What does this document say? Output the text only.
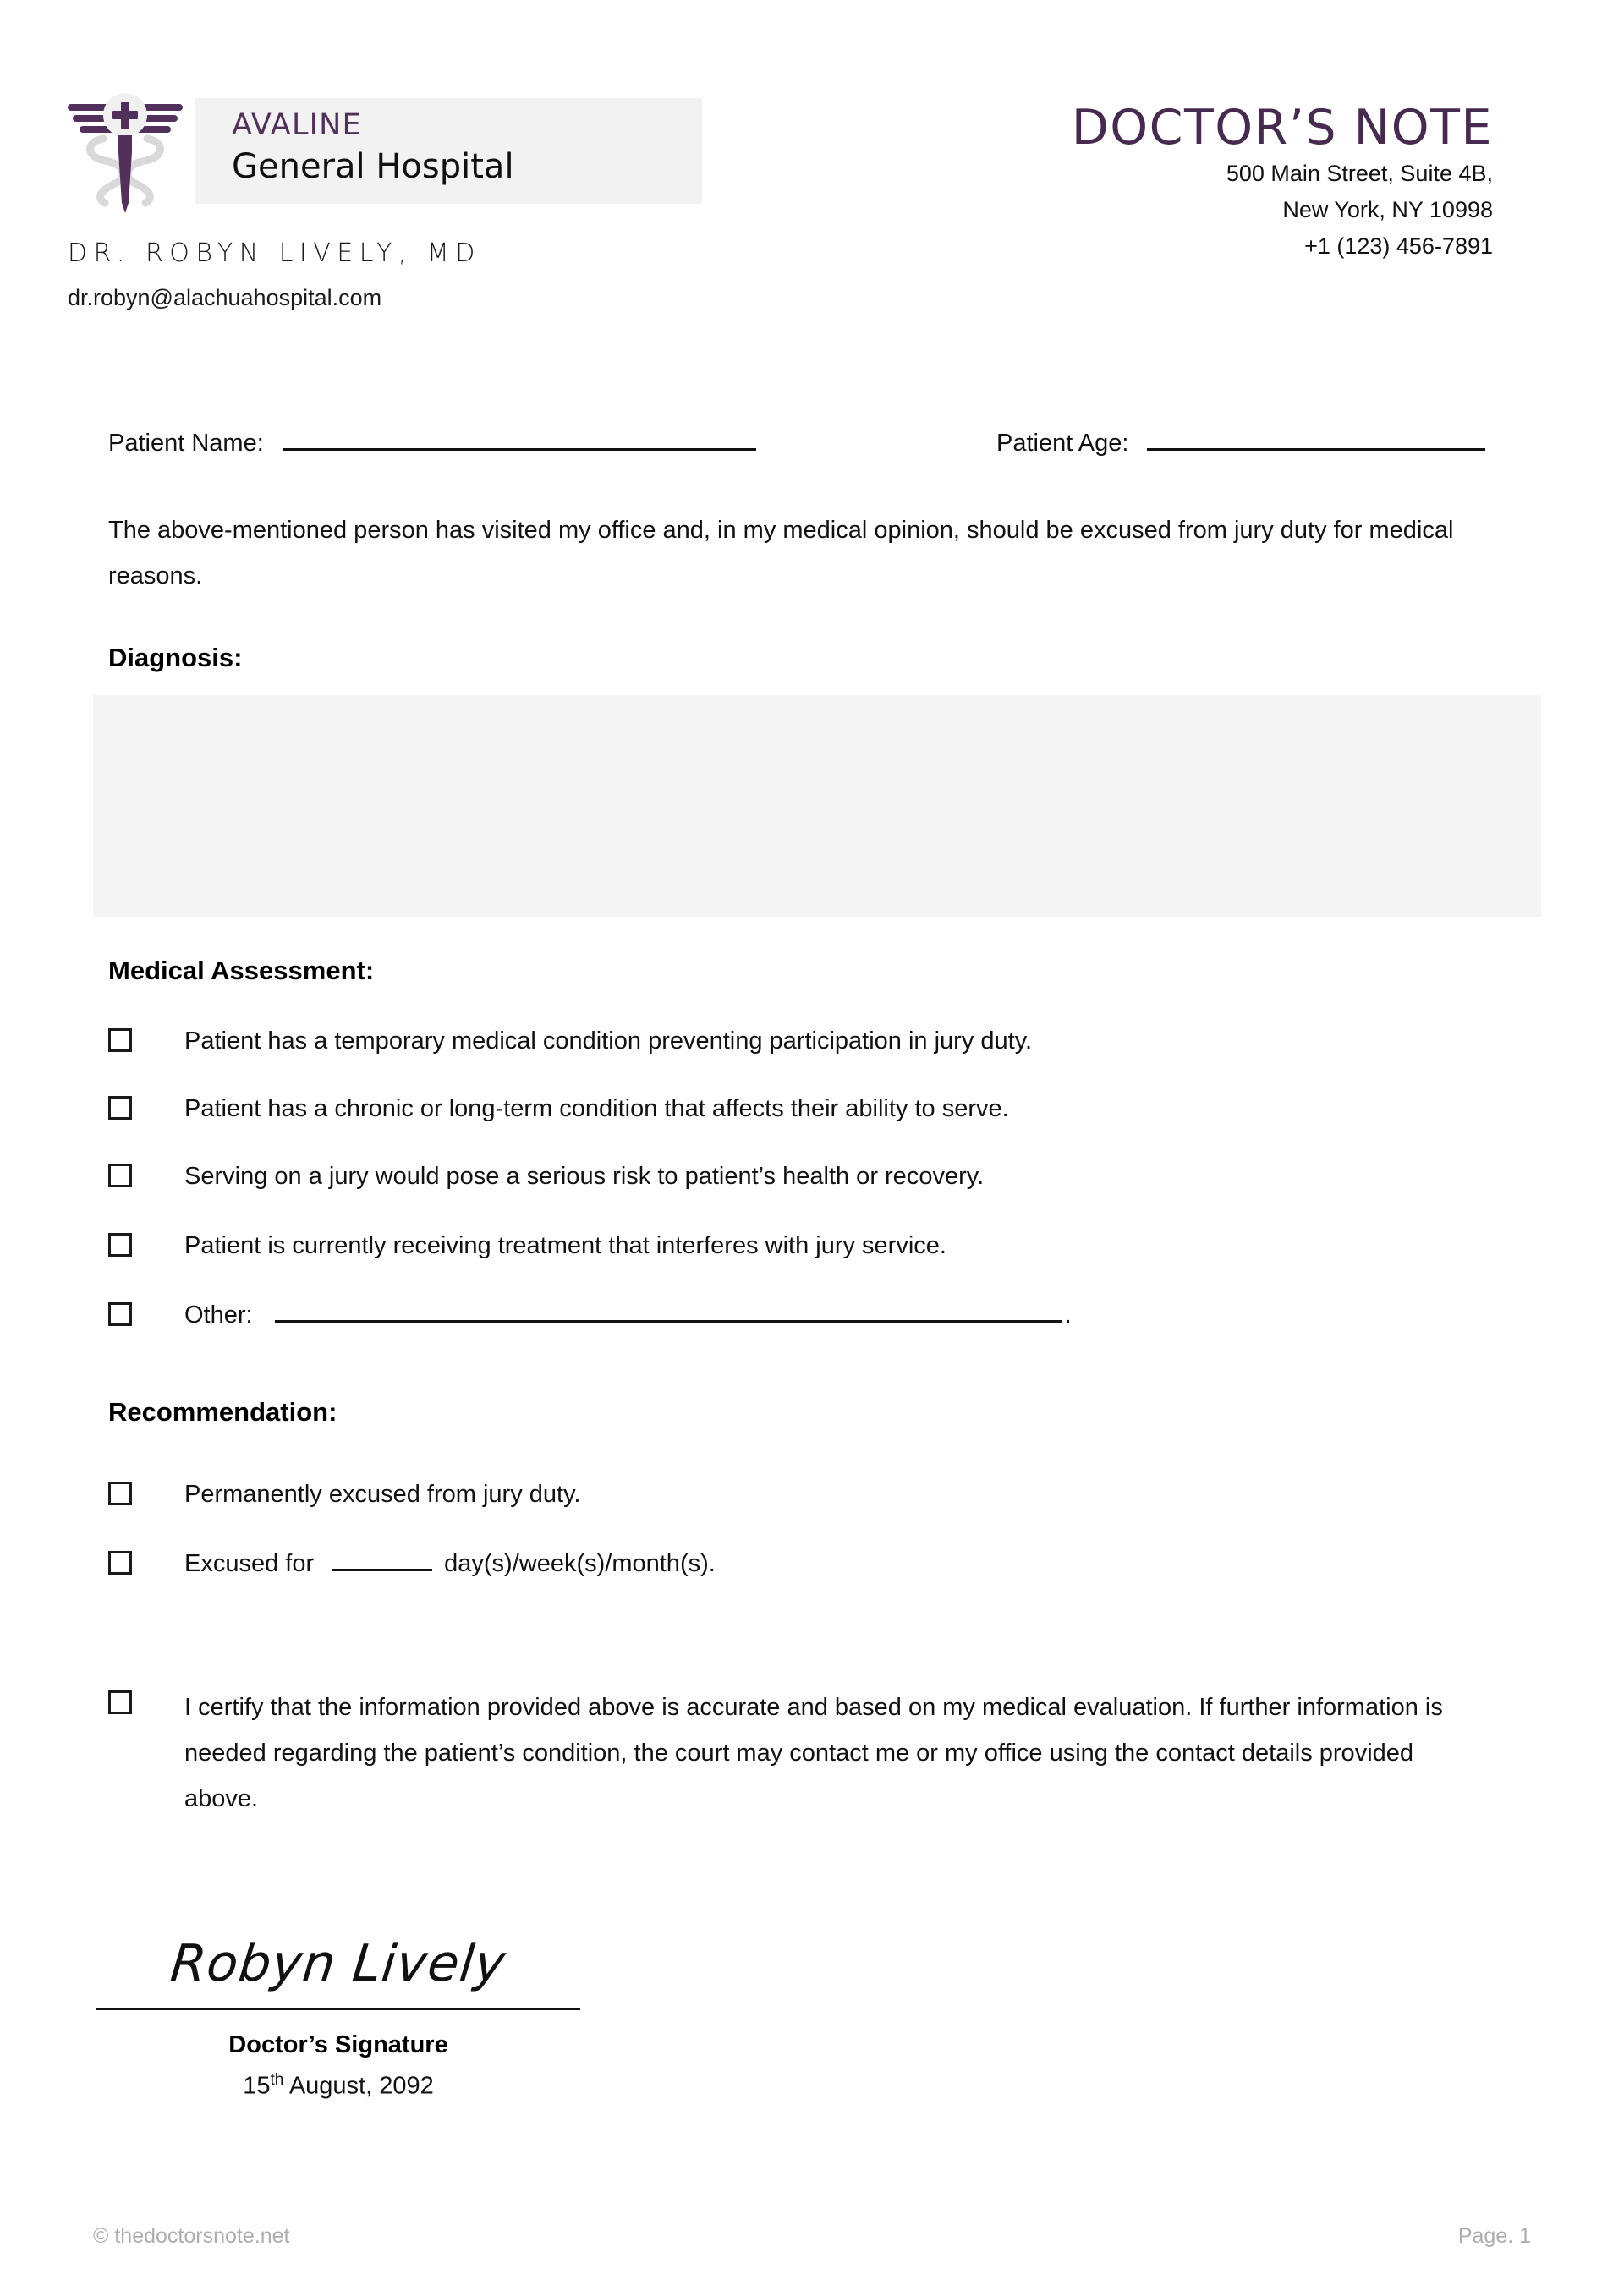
AVALINE
General Hospital
DR. ROBYN LIVELY, MD
dr.robyn@alachuahospital.com
DOCTOR’S NOTE
500 Main Street, Suite 4B,
New York, NY 10998
+1 (123) 456-7891
Patient Name:	Patient Age:
The above-mentioned person has visited my office and, in my medical opinion, should be excused from jury duty for medical reasons.
Diagnosis:
Medical Assessment:
Patient has a temporary medical condition preventing participation in jury duty.
Patient has a chronic or long-term condition that affects their ability to serve.
Serving on a jury would pose a serious risk to patient’s health or recovery.
Patient is currently receiving treatment that interferes with jury service.
Other:	.
Recommendation:
Permanently excused from jury duty.
Excused for	day(s)/week(s)/month(s).
I certify that the information provided above is accurate and based on my medical evaluation. If further information is needed regarding the patient’s condition, the court may contact me or my office using the contact details provided above.
Robyn Lively
Doctor’s Signature
15th August, 2092
© thedoctorsnote.net	Page. 1
